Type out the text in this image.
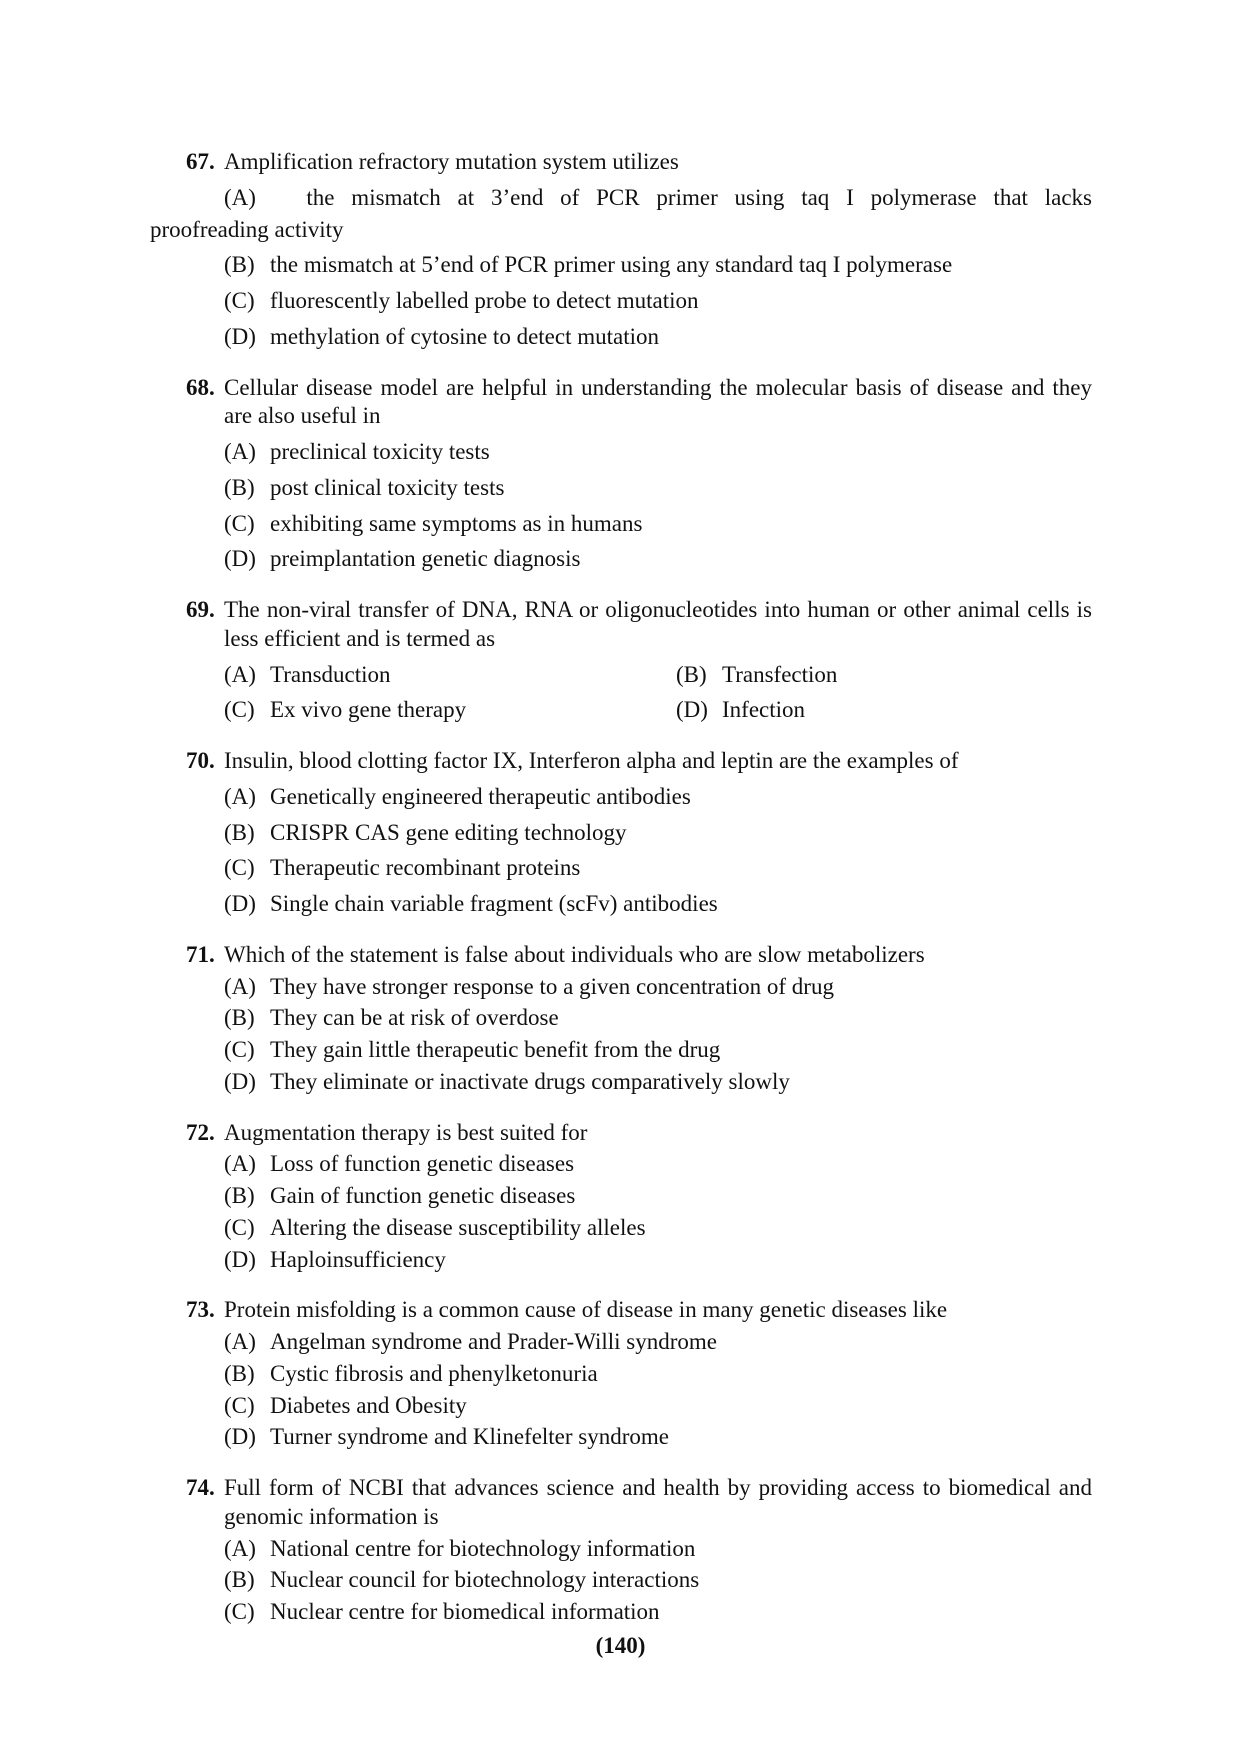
67. Amplification refractory mutation system utilizes
(A) the mismatch at 3’end of PCR primer using taq I polymerase that lacks
proofreading activity
(B) the mismatch at 5’end of PCR primer using any standard taq I polymerase
(C) fluorescently labelled probe to detect mutation
(D) methylation of cytosine to detect mutation
68. Cellular disease model are helpful in understanding the molecular basis of disease and they are also useful in
(A) preclinical toxicity tests
(B) post clinical toxicity tests
(C) exhibiting same symptoms as in humans
(D) preimplantation genetic diagnosis
69. The non-viral transfer of DNA, RNA or oligonucleotides into human or other animal cells is less efficient and is termed as
(A) Transduction	(B) Transfection
(C) Ex vivo gene therapy	(D) Infection
70. Insulin, blood clotting factor IX, Interferon alpha and leptin are the examples of
(A) Genetically engineered therapeutic antibodies
(B) CRISPR CAS gene editing technology
(C) Therapeutic recombinant proteins
(D) Single chain variable fragment (scFv) antibodies
71. Which of the statement is false about individuals who are slow metabolizers
(A) They have stronger response to a given concentration of drug
(B) They can be at risk of overdose
(C) They gain little therapeutic benefit from the drug
(D) They eliminate or inactivate drugs comparatively slowly
72. Augmentation therapy is best suited for
(A) Loss of function genetic diseases
(B) Gain of function genetic diseases
(C) Altering the disease susceptibility alleles
(D) Haploinsufficiency
73. Protein misfolding is a common cause of disease in many genetic diseases like
(A) Angelman syndrome and Prader-Willi syndrome
(B) Cystic fibrosis and phenylketonuria
(C) Diabetes and Obesity
(D) Turner syndrome and Klinefelter syndrome
74. Full form of NCBI that advances science and health by providing access to biomedical and genomic information is
(A) National centre for biotechnology information
(B) Nuclear council for biotechnology interactions
(C) Nuclear centre for biomedical information
(140)
